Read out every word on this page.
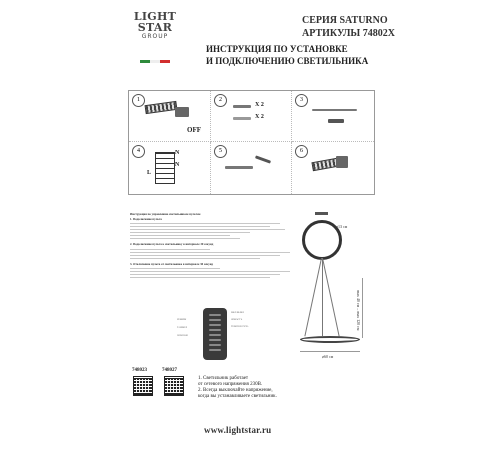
LIGHT
STAR
GROUP
СЕРИЯ SATURNO
АРТИКУЛЫ 74802X
ИНСТРУКЦИЯ ПО УСТАНОВКЕ
И ПОДКЛЮЧЕНИЮ СВЕТИЛЬНИКА
1
OFF
2
X 2
X 2
3
4	N
L
N
5	6
Инструкция по управлению светильником пультом
1. Подключение пульта
2. Подключение пульта к светильнику в интервале 30 секунд
3. Отключение пульта от светильника в интервале 30 секунд
ø13 см
max 40 см – max 120 см
ø60 см
ВКЛ/ВЫКЛ
ЯРКОСТЬ
ТЕМПЕРАТУРА
РЕЖИМ
ТАЙМЕР
НОЧНОЙ
748023	748027
1. Светильник работает
от сетевого напряжения 230В.
2. Всегда выключайте напряжение,
когда вы устанавливаете светильник.
www.lightstar.ru
